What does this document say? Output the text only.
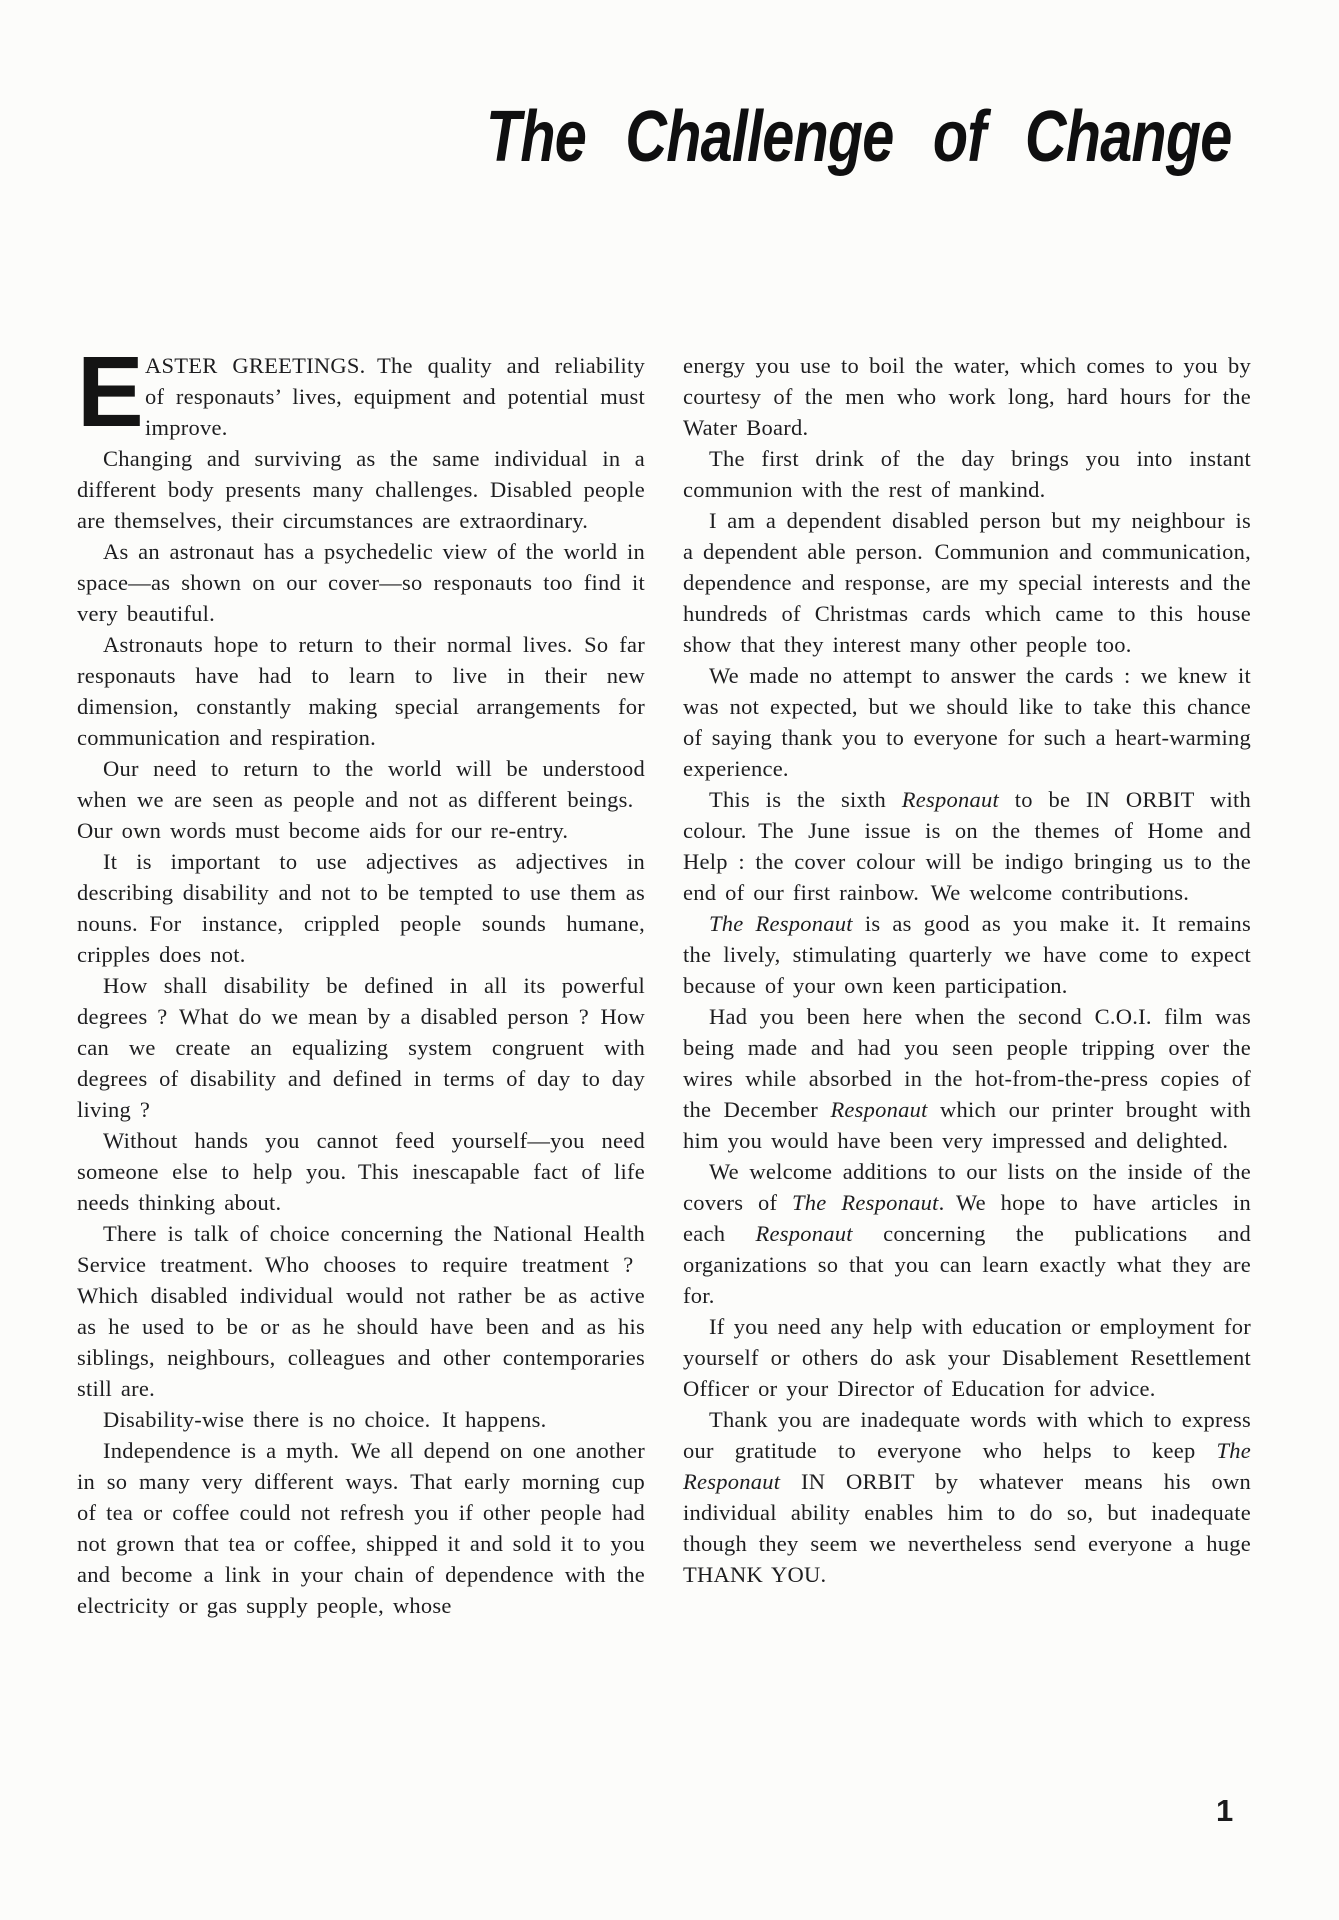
The Challenge of Change

EASTER GREETINGS. The quality and reliability of responauts’ lives, equipment and potential must improve.

Changing and surviving as the same individual in a different body presents many challenges. Disabled people are themselves, their circumstances are extraordinary.

As an astronaut has a psychedelic view of the world in space—as shown on our cover—so responauts too find it very beautiful.

Astronauts hope to return to their normal lives. So far responauts have had to learn to live in their new dimension, constantly making special arrangements for communication and respiration.

Our need to return to the world will be understood when we are seen as people and not as different beings. Our own words must become aids for our re-entry.

It is important to use adjectives as adjectives in describing disability and not to be tempted to use them as nouns. For instance, crippled people sounds humane, cripples does not.

How shall disability be defined in all its powerful degrees ? What do we mean by a disabled person ? How can we create an equalizing system congruent with degrees of disability and defined in terms of day to day living ?

Without hands you cannot feed yourself—you need someone else to help you. This inescapable fact of life needs thinking about.

There is talk of choice concerning the National Health Service treatment. Who chooses to require treatment ? Which disabled individual would not rather be as active as he used to be or as he should have been and as his siblings, neighbours, colleagues and other contemporaries still are.

Disability-wise there is no choice. It happens.

Independence is a myth. We all depend on one another in so many very different ways. That early morning cup of tea or coffee could not refresh you if other people had not grown that tea or coffee, shipped it and sold it to you and become a link in your chain of dependence with the electricity or gas supply people, whose

energy you use to boil the water, which comes to you by courtesy of the men who work long, hard hours for the Water Board.

The first drink of the day brings you into instant communion with the rest of mankind.

I am a dependent disabled person but my neighbour is a dependent able person. Communion and communication, dependence and response, are my special interests and the hundreds of Christmas cards which came to this house show that they interest many other people too.

We made no attempt to answer the cards : we knew it was not expected, but we should like to take this chance of saying thank you to everyone for such a heart-warming experience.

This is the sixth Responaut to be IN ORBIT with colour. The June issue is on the themes of Home and Help : the cover colour will be indigo bringing us to the end of our first rainbow. We welcome contributions.

The Responaut is as good as you make it. It remains the lively, stimulating quarterly we have come to expect because of your own keen participation.

Had you been here when the second C.O.I. film was being made and had you seen people tripping over the wires while absorbed in the hot-from-the-press copies of the December Responaut which our printer brought with him you would have been very impressed and delighted.

We welcome additions to our lists on the inside of the covers of The Responaut. We hope to have articles in each Responaut concerning the publications and organizations so that you can learn exactly what they are for.

If you need any help with education or employment for yourself or others do ask your Disablement Resettlement Officer or your Director of Education for advice.

Thank you are inadequate words with which to express our gratitude to everyone who helps to keep The Responaut IN ORBIT by whatever means his own individual ability enables him to do so, but inadequate though they seem we nevertheless send everyone a huge THANK YOU.

1
